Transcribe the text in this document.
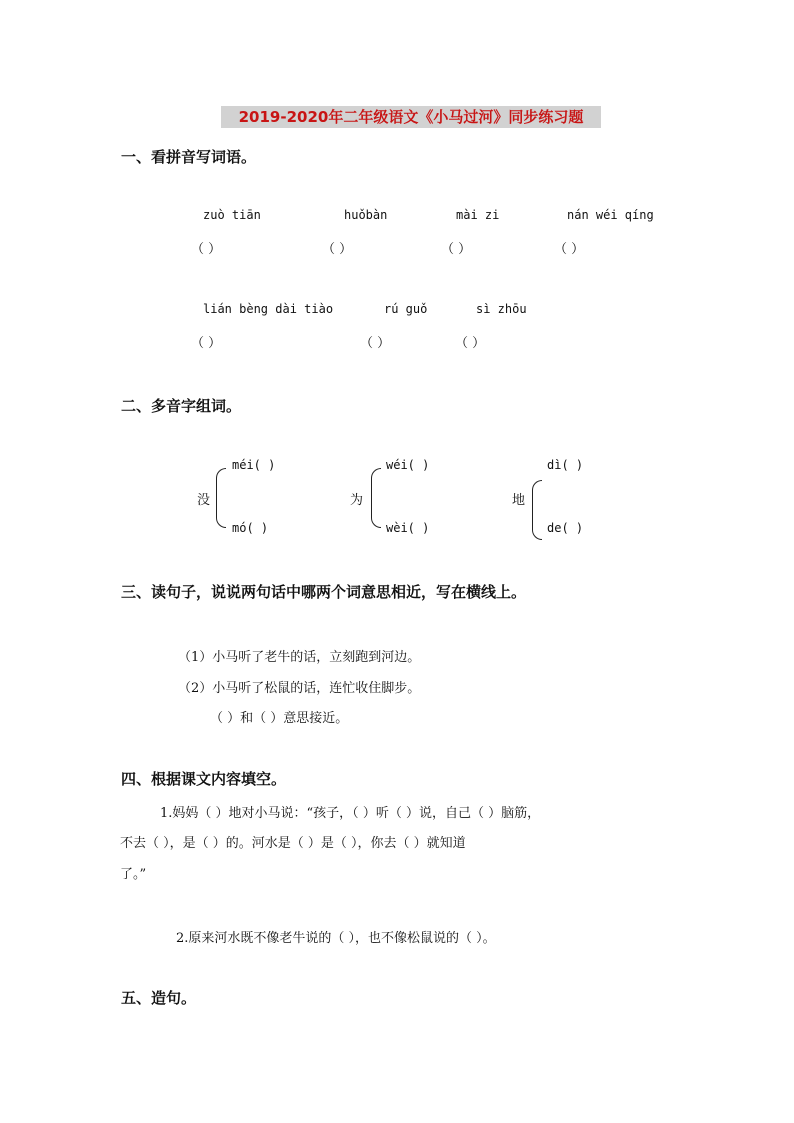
2019-2020年二年级语文《小马过河》同步练习题
一、看拼音写词语。
zuò tiān	huǒbàn	mài zi	nán wéi qíng
（ ）	（ ）	（ ）	（ ）
lián bèng dài tiào	rú guǒ	sì zhōu
（ ）	（ ）	（ ）
二、多音字组词。
没
méi( )
mó( )
为
wéi( )
wèi( )
地
dì( )
de( )
三、读句子，说说两句话中哪两个词意思相近，写在横线上。
（1）小马听了老牛的话，立刻跑到河边。
（2）小马听了松鼠的话，连忙收住脚步。
（ ）和（ ）意思接近。
四、根据课文内容填空。
1.妈妈（ ）地对小马说：“孩子，（ ）听（ ）说，自己（ ）脑筋，
不去（ ），是（ ）的。河水是（ ）是（ ），你去（ ）就知道
了。”
2.原来河水既不像老牛说的（ ），也不像松鼠说的（ ）。
五、造句。
